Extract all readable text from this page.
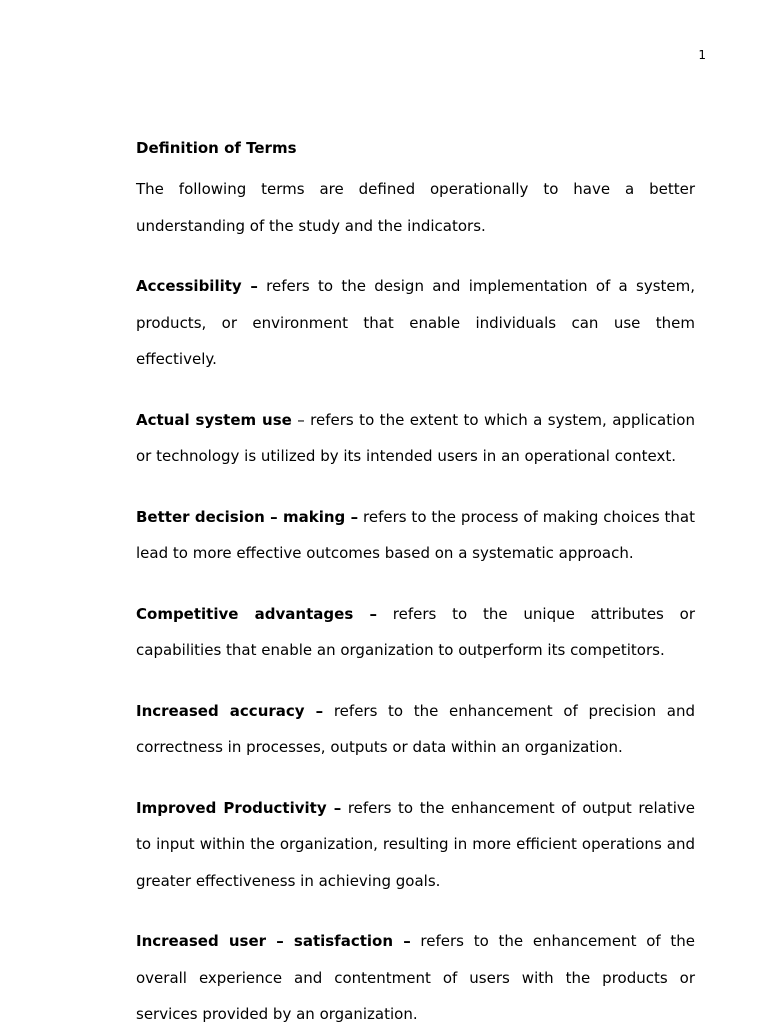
1

Definition of Terms

The following terms are defined operationally to have a better understanding of the study and the indicators.

Accessibility – refers to the design and implementation of a system, products, or environment that enable individuals can use them effectively.

Actual system use – refers to the extent to which a system, application or technology is utilized by its intended users in an operational context.

Better decision – making – refers to the process of making choices that lead to more effective outcomes based on a systematic approach.

Competitive advantages – refers to the unique attributes or capabilities that enable an organization to outperform its competitors.

Increased accuracy – refers to the enhancement of precision and correctness in processes, outputs or data within an organization.

Improved Productivity – refers to the enhancement of output relative to input within the organization, resulting in more efficient operations and greater effectiveness in achieving goals.

Increased user – satisfaction – refers to the enhancement of the overall experience and contentment of users with the products or services provided by an organization.
